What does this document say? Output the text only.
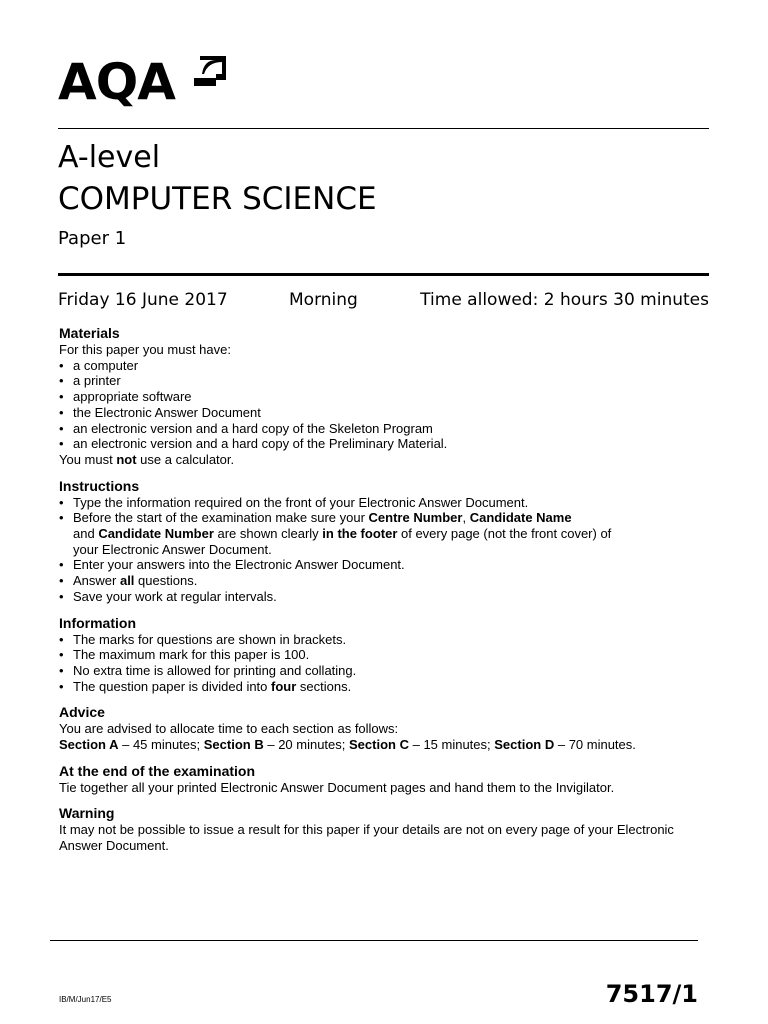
AQA
A-level
COMPUTER SCIENCE
Paper 1
Friday 16 June 2017	Morning	Time allowed: 2 hours 30 minutes
Materials

For this paper you must have:

• a computer
• a printer
• appropriate software
• the Electronic Answer Document
• an electronic version and a hard copy of the Skeleton Program
• an electronic version and a hard copy of the Preliminary Material.

You must not use a calculator.

Instructions
• Type the information required on the front of your Electronic Answer Document.
• Before the start of the examination make sure your Centre Number, Candidate Name
and Candidate Number are shown clearly in the footer of every page (not the front cover) of
your Electronic Answer Document.
• Enter your answers into the Electronic Answer Document.
• Answer all questions.
• Save your work at regular intervals.
Information
• The marks for questions are shown in brackets.
• The maximum mark for this paper is 100.
• No extra time is allowed for printing and collating.
• The question paper is divided into four sections.
Advice

You are advised to allocate time to each section as follows:

Section A – 45 minutes; Section B – 20 minutes; Section C – 15 minutes; Section D – 70 minutes.

At the end of the examination

Tie together all your printed Electronic Answer Document pages and hand them to the Invigilator.

Warning

It may not be possible to issue a result for this paper if your details are not on every page of your Electronic Answer Document.

IB/M/Jun17/E5	7517/1
